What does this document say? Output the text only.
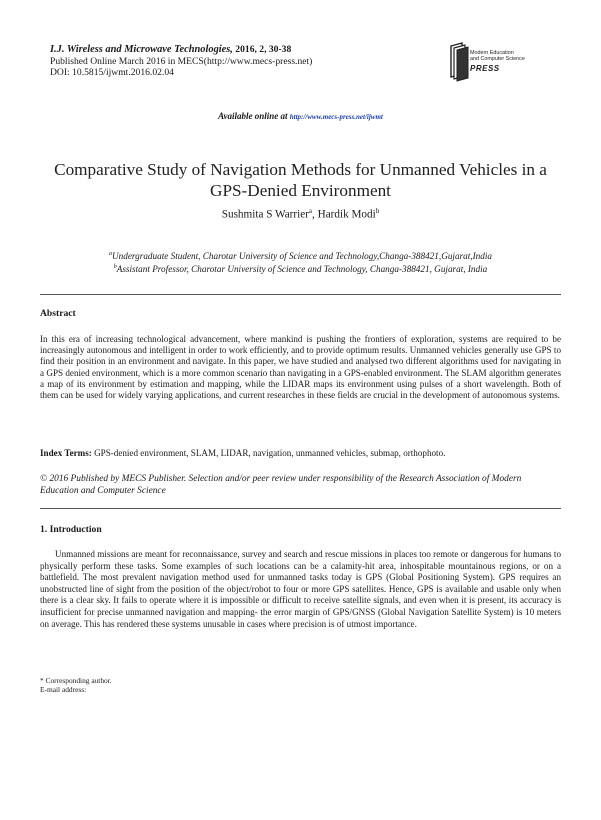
I.J. Wireless and Microwave Technologies, 2016, 2, 30-38
Published Online March 2016 in MECS(http://www.mecs-press.net)
DOI: 10.5815/ijwmt.2016.02.04
Modern Education
and Computer Science
PRESS
Available online at http://www.mecs-press.net/ijwmt
Comparative Study of Navigation Methods for Unmanned Vehicles in a GPS-Denied Environment
Sushmita S Warrier$^a$, Hardik Modi$^b$
$^a$Undergraduate Student, Charotar University of Science and Technology,Changa-388421,Gujarat,India
$^b$Assistant Professor, Charotar University of Science and Technology, Changa-388421, Gujarat, India
Abstract
In this era of increasing technological advancement, where mankind is pushing the frontiers of exploration, systems are required to be increasingly autonomous and intelligent in order to work efficiently, and to provide optimum results. Unmanned vehicles generally use GPS to find their position in an environment and navigate. In this paper, we have studied and analysed two different algorithms used for navigating in a GPS denied environment, which is a more common scenario than navigating in a GPS-enabled environment. The SLAM algorithm generates a map of its environment by estimation and mapping, while the LIDAR maps its environment using pulses of a short wavelength. Both of them can be used for widely varying applications, and current researches in these fields are crucial in the development of autonomous systems.
Index Terms: GPS-denied environment, SLAM, LIDAR, navigation, unmanned vehicles, submap, orthophoto.
© 2016 Published by MECS Publisher. Selection and/or peer review under responsibility of the Research Association of Modern Education and Computer Science
1. Introduction
Unmanned missions are meant for reconnaissance, survey and search and rescue missions in places too remote or dangerous for humans to physically perform these tasks. Some examples of such locations can be a calamity-hit area, inhospitable mountainous regions, or on a battlefield. The most prevalent navigation method used for unmanned tasks today is GPS (Global Positioning System). GPS requires an unobstructed line of sight from the position of the object/robot to four or more GPS satellites. Hence, GPS is available and usable only when there is a clear sky. It fails to operate where it is impossible or difficult to receive satellite signals, and even when it is present, its accuracy is insufficient for precise unmanned navigation and mapping- the error margin of GPS/GNSS (Global Navigation Satellite System) is 10 meters on average. This has rendered these systems unusable in cases where precision is of utmost importance.
* Corresponding author.
E-mail address:
